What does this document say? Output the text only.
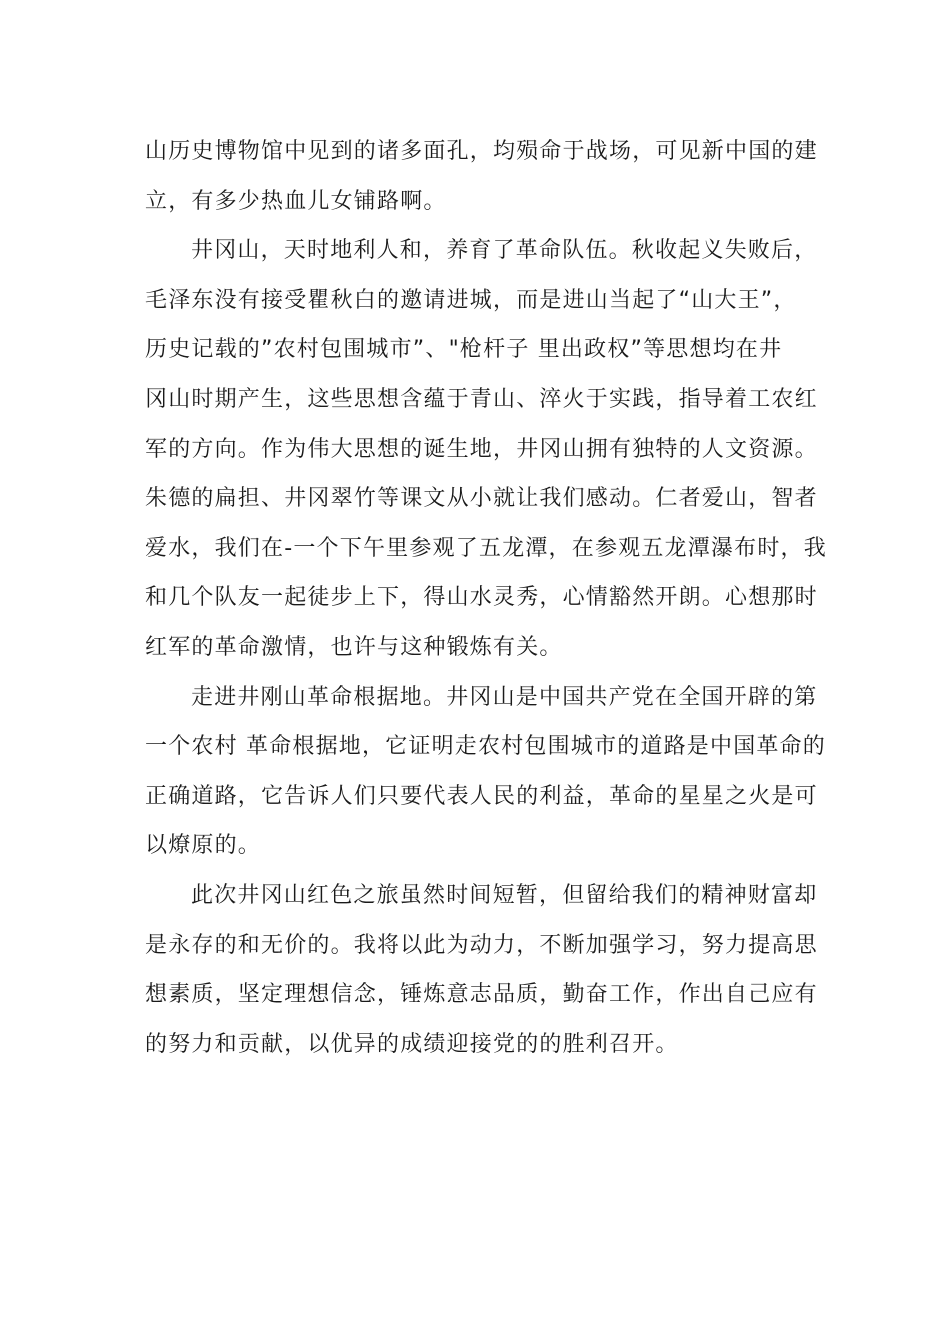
山历史博物馆中见到的诸多面孔，均殒命于战场，可见新中国的建
立，有多少热血儿女铺路啊。

井冈山，天时地利人和，养育了革命队伍。秋收起义失败后，
毛泽东没有接受瞿秋白的邀请进城，而是进山当起了“山大王”，
历史记载的”农村包围城市”、"枪杆子 里出政权”等思想均在井
冈山时期产生，这些思想含蕴于青山、淬火于实践，指导着工农红
军的方向。作为伟大思想的诞生地，井冈山拥有独特的人文资源。
朱德的扁担、井冈翠竹等课文从小就让我们感动。仁者爱山，智者
爱水，我们在-一个下午里参观了五龙潭，在参观五龙潭瀑布时，我
和几个队友一起徒步上下，得山水灵秀，心情豁然开朗。心想那时
红军的革命激情，也许与这种锻炼有关。

走进井刚山革命根据地。井冈山是中国共产党在全国开辟的第
一个农村 革命根据地，它证明走农村包围城市的道路是中国革命的
正确道路，它告诉人们只要代表人民的利益，革命的星星之火是可
以燎原的。

此次井冈山红色之旅虽然时间短暂，但留给我们的精神财富却
是永存的和无价的。我将以此为动力，不断加强学习，努力提高思
想素质，坚定理想信念，锤炼意志品质，勤奋工作，作出自己应有
的努力和贡献，以优异的成绩迎接党的的胜利召开。
